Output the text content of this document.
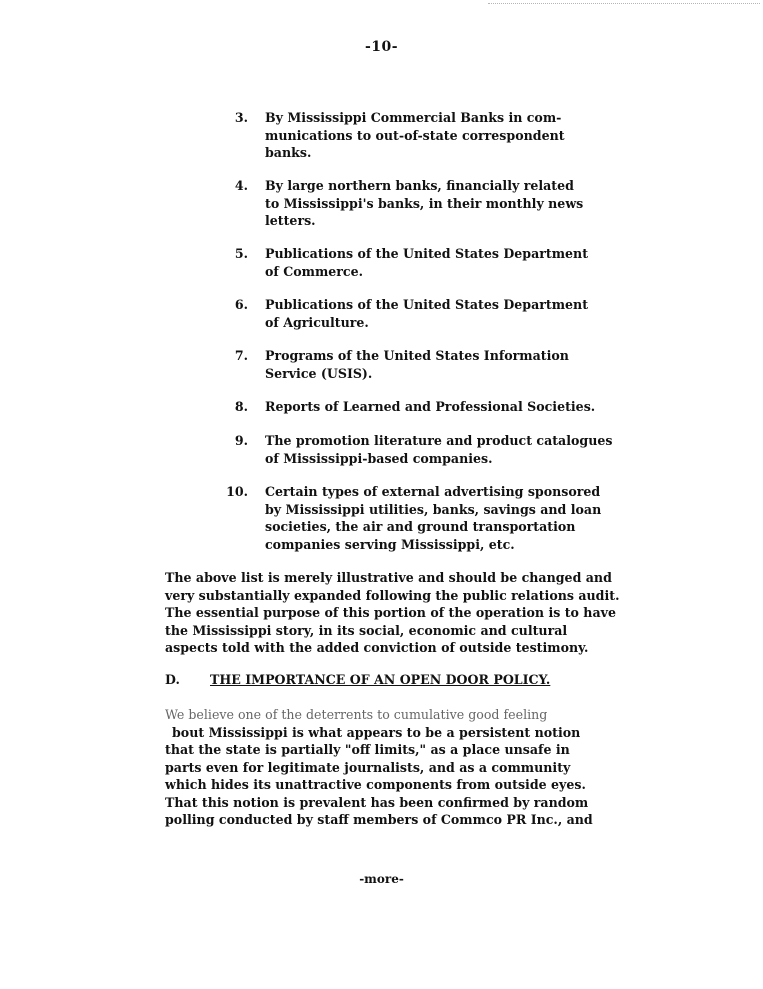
-10-
3. By Mississippi Commercial Banks in com-
munications to out-of-state correspondent
banks.
4. By large northern banks, financially related
to Mississippi's banks, in their monthly news
letters.
5. Publications of the United States Department
of Commerce.
6. Publications of the United States Department
of Agriculture.
7. Programs of the United States Information
Service (USIS).
8. Reports of Learned and Professional Societies.
9. The promotion literature and product catalogues
of Mississippi-based companies.
10. Certain types of external advertising sponsored
by Mississippi utilities, banks, savings and loan
societies, the air and ground transportation
companies serving Mississippi, etc.
The above list is merely illustrative and should be changed and
very substantially expanded following the public relations audit.
The essential purpose of this portion of the operation is to have
the Mississippi story, in its social, economic and cultural
aspects told with the added conviction of outside testimony.
D. THE IMPORTANCE OF AN OPEN DOOR POLICY.
We believe one of the deterrents to cumulative good feeling
bout Mississippi is what appears to be a persistent notion
that the state is partially "off limits," as a place unsafe in
parts even for legitimate journalists, and as a community
which hides its unattractive components from outside eyes.
That this notion is prevalent has been confirmed by random
polling conducted by staff members of Commco PR Inc., and
-more-
